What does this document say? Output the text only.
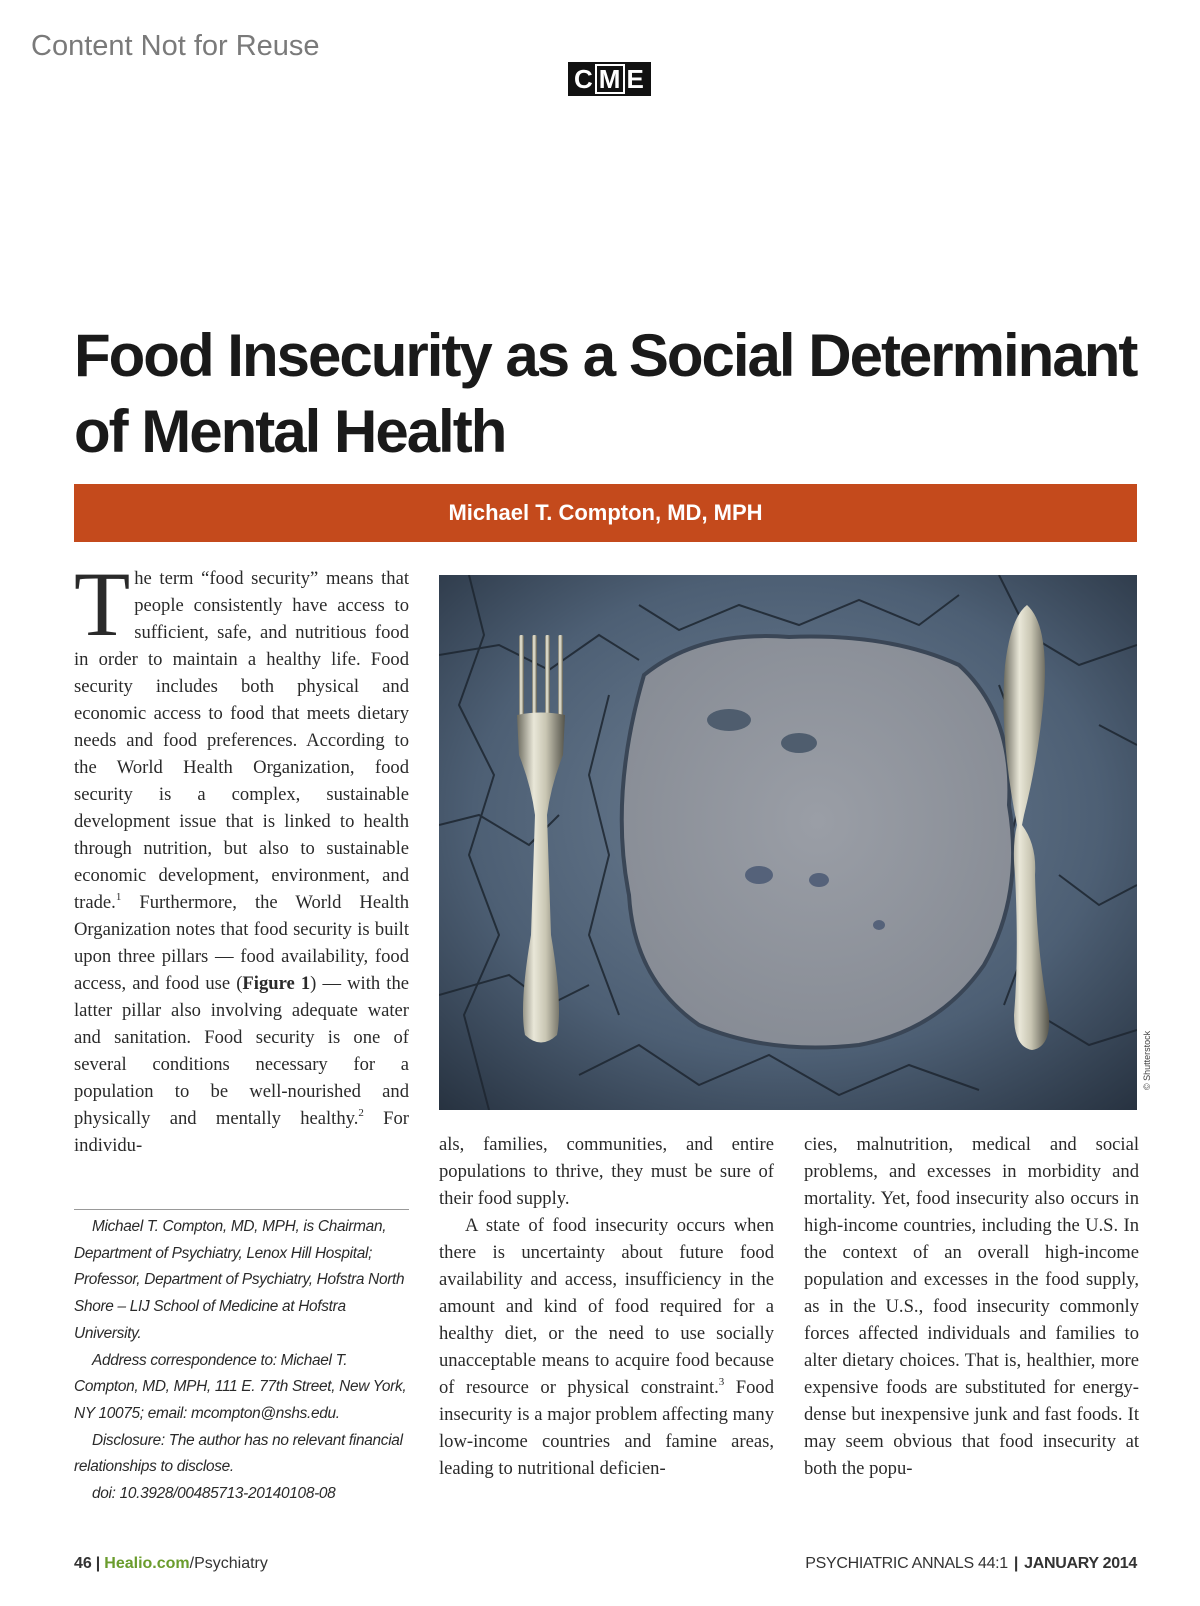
Content Not for Reuse
C M E
Food Insecurity as a Social Determinant
of Mental Health
Michael T. Compton, MD, MPH

The term “food security” means that people consistently have access to sufficient, safe, and nutritious food in order to maintain a healthy life. Food security includes both physical and economic access to food that meets dietary needs and food preferences. According to the World Health Organization, food security is a complex, sustainable development issue that is linked to health through nutrition, but also to sustainable economic development, environment, and trade.$^1$ Furthermore, the World Health Organization notes that food security is built upon three pillars — food availability, food access, and food use (Figure 1) — with the latter pillar also involving adequate water and sanitation. Food security is one of several conditions necessary for a population to be well-nourished and physically and mentally healthy.$^2$ For individu-

© Shutterstock

als, families, communities, and entire populations to thrive, they must be sure of their food supply.

A state of food insecurity occurs when there is uncertainty about future food availability and access, insufficiency in the amount and kind of food required for a healthy diet, or the need to use socially unacceptable means to acquire food because of resource or physical constraint.$^3$ Food insecurity is a major problem affecting many low-income countries and famine areas, leading to nutritional deficien-

cies, malnutrition, medical and social problems, and excesses in morbidity and mortality. Yet, food insecurity also occurs in high-income countries, including the U.S. In the context of an overall high-income population and excesses in the food supply, as in the U.S., food insecurity commonly forces affected individuals and families to alter dietary choices. That is, healthier, more expensive foods are substituted for energy-dense but inexpensive junk and fast foods. It may seem obvious that food insecurity at both the popu-

Michael T. Compton, MD, MPH, is Chairman, Department of Psychiatry, Lenox Hill Hospital; Professor, Department of Psychiatry, Hofstra North Shore – LIJ School of Medicine at Hofstra University.

Address correspondence to: Michael T. Compton, MD, MPH, 111 E. 77th Street, New York, NY 10075; email: mcompton@nshs.edu.

Disclosure: The author has no relevant financial relationships to disclose.

doi: 10.3928/00485713-20140108-08

46 | Healio.com/Psychiatry	PSYCHIATRIC ANNALS 44:1 | JANUARY 2014
